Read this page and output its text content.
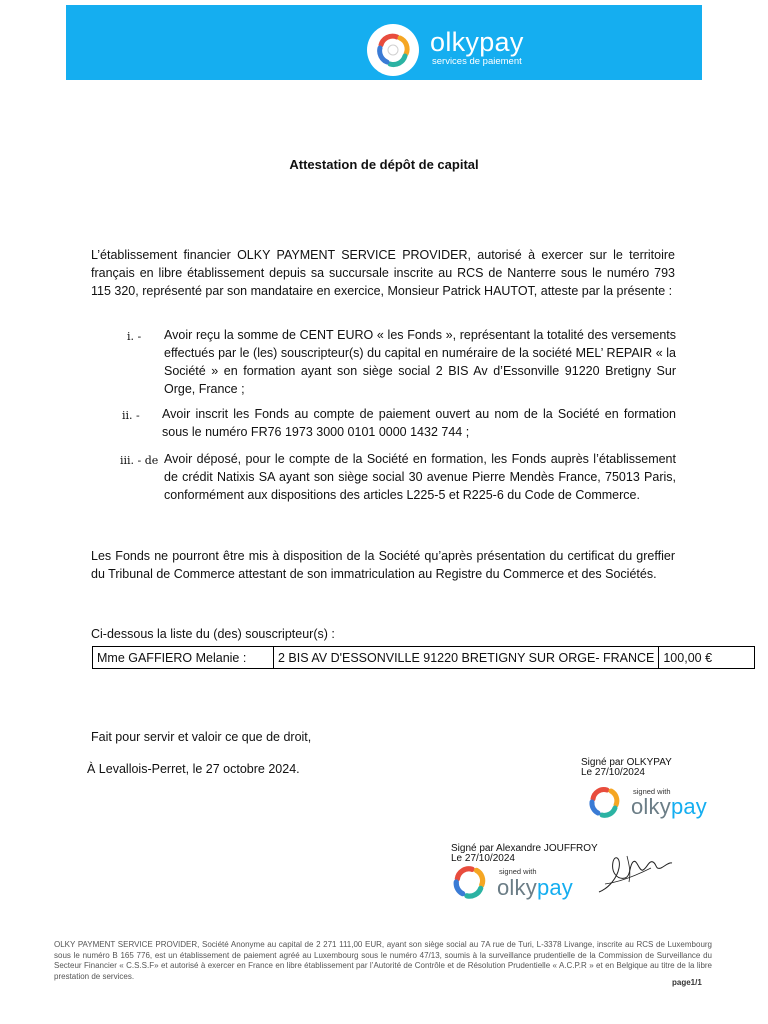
olkypay
services de paiement
Attestation de dépôt de capital
L’établissement financier OLKY PAYMENT SERVICE PROVIDER, autorisé à exercer sur le territoire français en libre établissement depuis sa succursale inscrite au RCS de Nanterre sous le numéro 793 115 320, représenté par son mandataire en exercice, Monsieur Patrick HAUTOT, atteste par la présente :
i. - Avoir reçu la somme de CENT EURO « les Fonds », représentant la totalité des versements effectués par le (les) souscripteur(s) du capital en numéraire de la société MEL’ REPAIR « la Société » en formation ayant son siège social 2 BIS Av d’Essonville 91220 Bretigny Sur Orge, France ;
ii. - Avoir inscrit les Fonds au compte de paiement ouvert au nom de la Société en formation sous le numéro FR76 1973 3000 0101 0000 1432 744 ;
iii. - de Avoir déposé, pour le compte de la Société en formation, les Fonds auprès l’établissement de crédit Natixis SA ayant son siège social 30 avenue Pierre Mendès France, 75013 Paris, conformément aux dispositions des articles L225-5 et R225-6 du Code de Commerce.
Les Fonds ne pourront être mis à disposition de la Société qu’après présentation du certificat du greffier du Tribunal de Commerce attestant de son immatriculation au Registre du Commerce et des Sociétés.
Ci-dessous la liste du (des) souscripteur(s) :
Mme GAFFIERO Melanie :	2 BIS AV D'ESSONVILLE 91220 BRETIGNY SUR ORGE- FRANCE	100,00 €
Fait pour servir et valoir ce que de droit,
À Levallois-Perret, le 27 octobre 2024.	Signé par OLKYPAY
Le 27/10/2024
signed with
olkypay
Signé par Alexandre JOUFFROY
Le 27/10/2024
signed with
olkypay
OLKY PAYMENT SERVICE PROVIDER, Société Anonyme au capital de 2 271 111,00 EUR, ayant son siège social au 7A rue de Turi, L-3378 Livange, inscrite au RCS de Luxembourg sous le numéro B 165 776, est un établissement de paiement agréé au Luxembourg sous le numéro 47/13, soumis à la surveillance prudentielle de la Commission de Surveillance du Secteur Financier « C.S.S.F» et autorisé à exercer en France en libre établissement par l’Autorité de Contrôle et de Résolution Prudentielle « A.C.P.R » et en Belgique au titre de la libre prestation de services.
page1/1
